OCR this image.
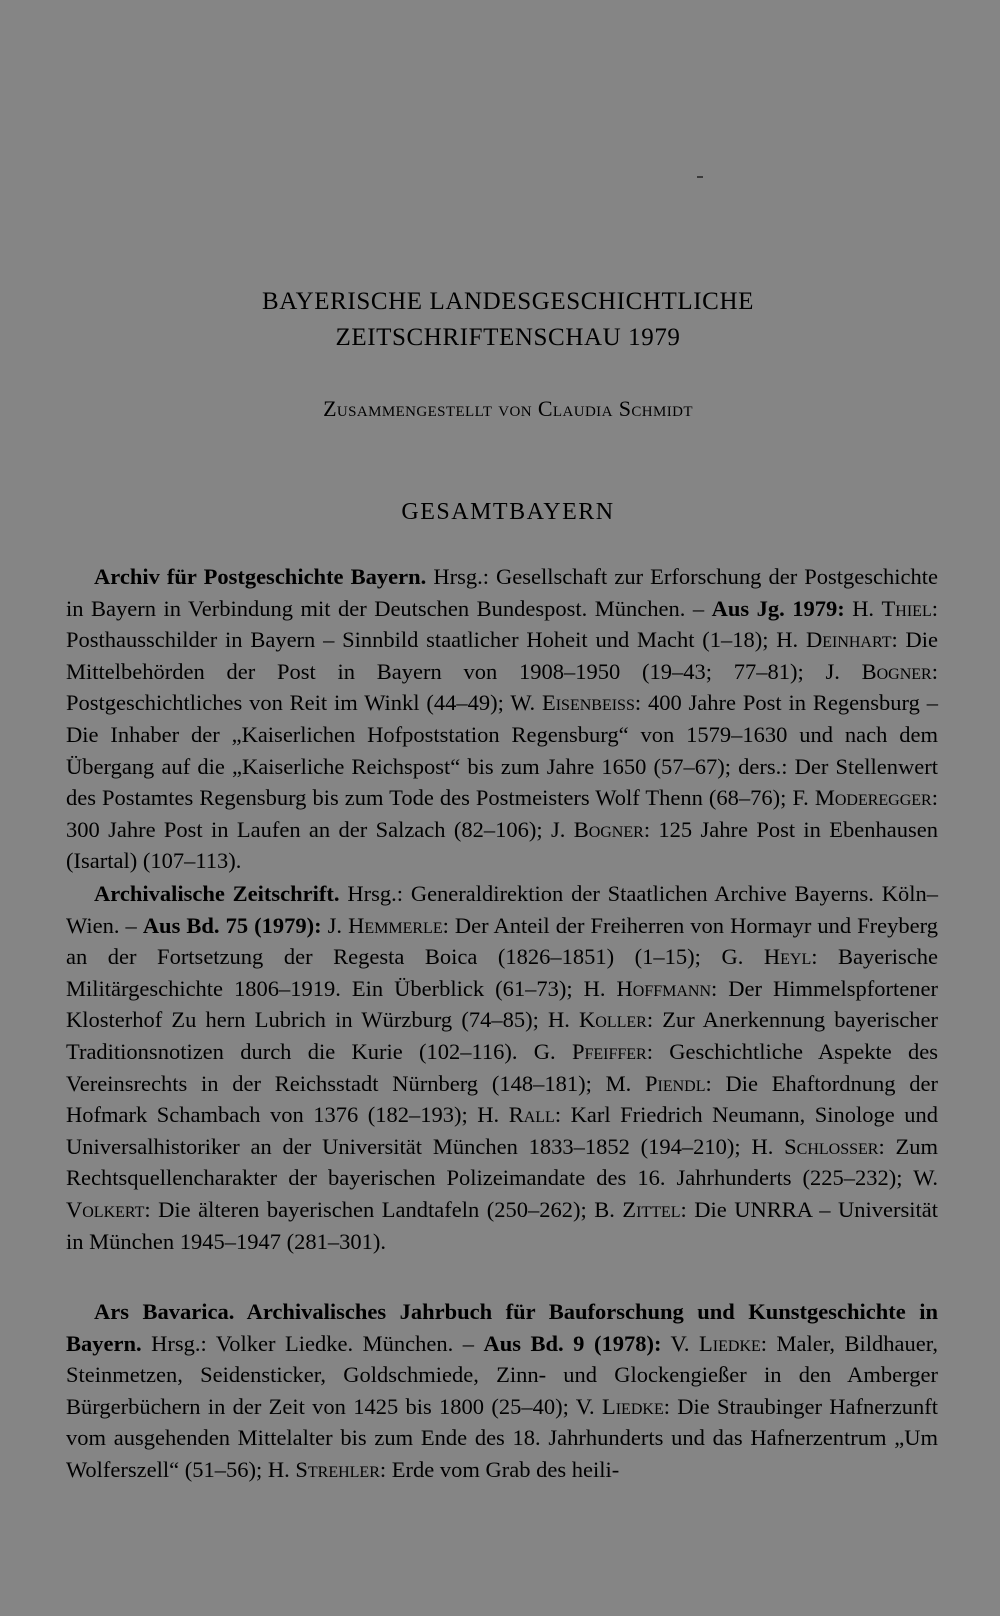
BAYERISCHE LANDESGESCHICHTLICHE
ZEITSCHRIFTENSCHAU 1979
Zusammengestellt von Claudia Schmidt
GESAMTBAYERN

Archiv für Postgeschichte Bayern. Hrsg.: Gesellschaft zur Erforschung der Postgeschichte in Bayern in Verbindung mit der Deutschen Bundespost. München. – Aus Jg. 1979: H. Thiel: Posthausschilder in Bayern – Sinnbild staatlicher Hoheit und Macht (1–18); H. Deinhart: Die Mittelbehörden der Post in Bayern von 1908–1950 (19–43; 77–81); J. Bogner: Postgeschichtliches von Reit im Winkl (44–49); W. Eisenbeiss: 400 Jahre Post in Regensburg – Die Inhaber der „Kaiserlichen Hofpoststation Regensburg“ von 1579–1630 und nach dem Übergang auf die „Kaiserliche Reichspost“ bis zum Jahre 1650 (57–67); ders.: Der Stellenwert des Postamtes Regensburg bis zum Tode des Postmeisters Wolf Thenn (68–76); F. Moderegger: 300 Jahre Post in Laufen an der Salzach (82–106); J. Bogner: 125 Jahre Post in Ebenhausen (Isartal) (107–113).

Archivalische Zeitschrift. Hrsg.: Generaldirektion der Staatlichen Archive Bayerns. Köln–Wien. – Aus Bd. 75 (1979): J. Hemmerle: Der Anteil der Freiherren von Hormayr und Freyberg an der Fortsetzung der Regesta Boica (1826–1851) (1–15); G. Heyl: Bayerische Militärgeschichte 1806–1919. Ein Überblick (61–73); H. Hoffmann: Der Himmelspfortener Klosterhof Zu hern Lubrich in Würzburg (74–85); H. Koller: Zur Anerkennung bayerischer Traditionsnotizen durch die Kurie (102–116). G. Pfeiffer: Geschichtliche Aspekte des Vereinsrechts in der Reichsstadt Nürnberg (148–181); M. Piendl: Die Ehaftordnung der Hofmark Schambach von 1376 (182–193); H. Rall: Karl Friedrich Neumann, Sinologe und Universalhistoriker an der Universität München 1833–1852 (194–210); H. Schlosser: Zum Rechtsquellencharakter der bayerischen Polizeimandate des 16. Jahrhunderts (225–232); W. Volkert: Die älteren bayerischen Landtafeln (250–262); B. Zittel: Die UNRRA – Universität in München 1945–1947 (281–301).

Ars Bavarica. Archivalisches Jahrbuch für Bauforschung und Kunstgeschichte in Bayern. Hrsg.: Volker Liedke. München. – Aus Bd. 9 (1978): V. Liedke: Maler, Bildhauer, Steinmetzen, Seidensticker, Goldschmiede, Zinn- und Glockengießer in den Amberger Bürgerbüchern in der Zeit von 1425 bis 1800 (25–40); V. Liedke: Die Straubinger Hafnerzunft vom ausgehenden Mittelalter bis zum Ende des 18. Jahrhunderts und das Hafnerzentrum „Um Wolferszell“ (51–56); H. Strehler: Erde vom Grab des heili-
